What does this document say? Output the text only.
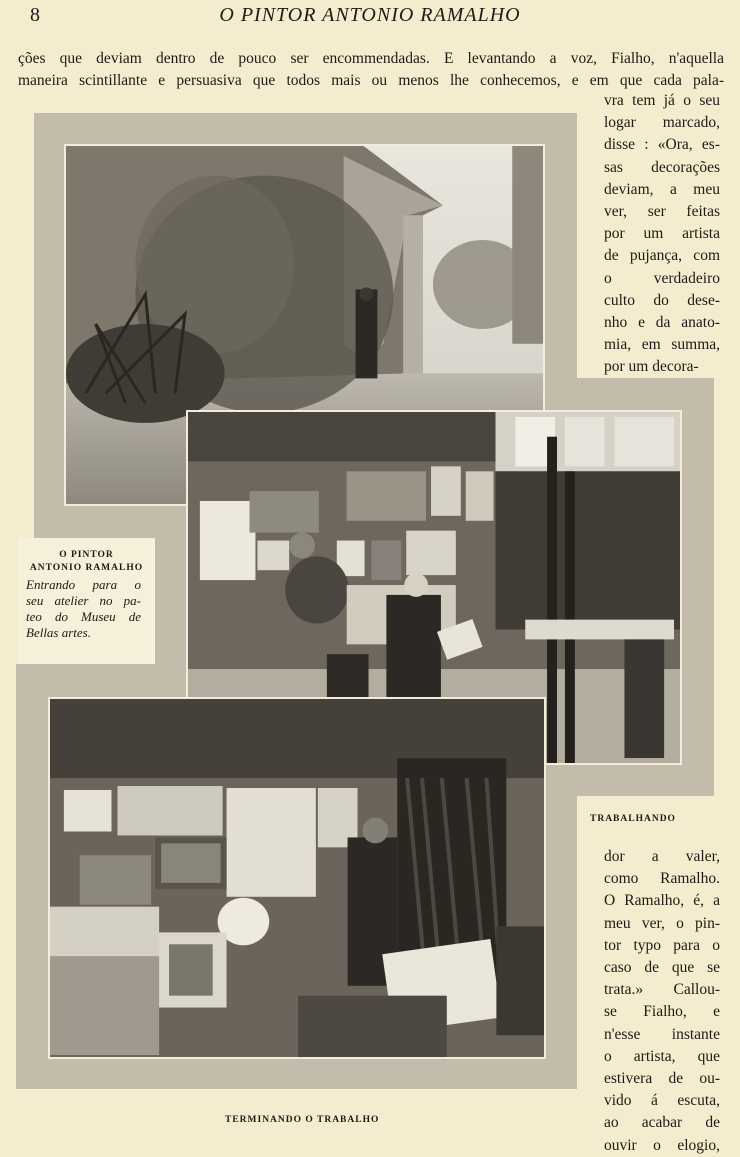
8	O PINTOR ANTONIO RAMALHO
ções que deviam dentro de pouco ser encommendadas. E levantando a voz, Fialho, n'aquella
maneira scintillante e persuasiva que todos mais ou menos lhe conhecemos, e em que cada pala-
O PINTOR
ANTONIO RAMALHO
Entrando para o
seu atelier no pa-
teo do Museu de
Bellas artes.
vra tem já o seu
logar marcado,
disse : «Ora, es-
sas decorações
deviam, a meu
ver, ser feitas
por um artista
de pujança, com
o verdadeiro
culto do dese-
nho e da anato-
mia, em summa,
por um decora-
TRABALHANDO
TERMINANDO O TRABALHO
dor a valer,
como Ramalho.
O Ramalho, é, a
meu ver, o pin-
tor typo para o
caso de que se
trata.» Callou-
se Fialho, e
n'esse instante
o artista, que
estivera de ou-
vido á escuta,
ao acabar de
ouvir o elogio,
